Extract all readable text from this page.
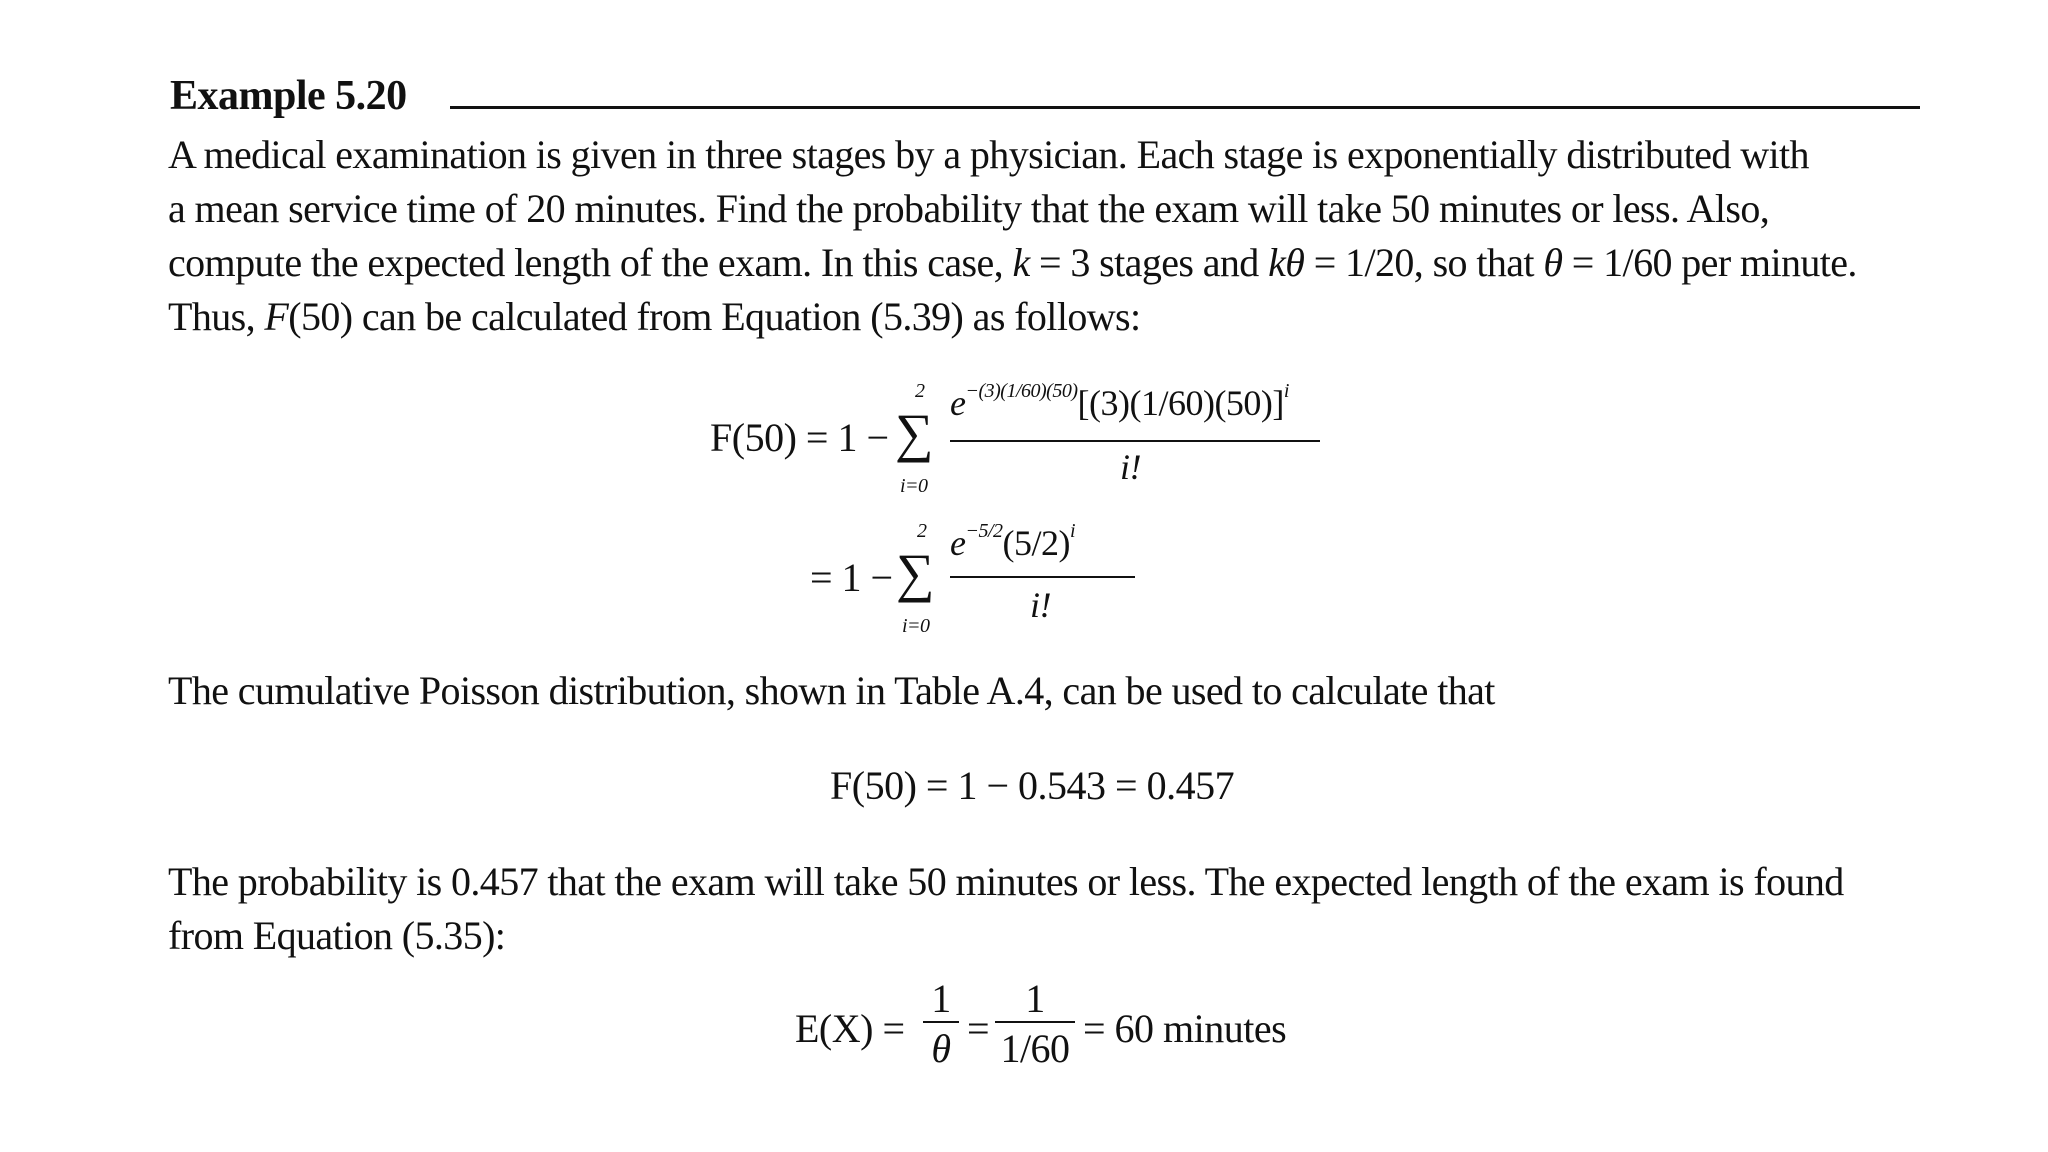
Example 5.20
A medical examination is given in three stages by a physician. Each stage is exponentially distributed with
a mean service time of 20 minutes. Find the probability that the exam will take 50 minutes or less. Also,
compute the expected length of the exam. In this case, k = 3 stages and kθ = 1/20, so that θ = 1/60 per minute.
Thus, F(50) can be calculated from Equation (5.39) as follows:
F(50) = 1 −
2
∑
i=0
$e^{-(3)(1/60)(50)}[(3)(1/60)(50)]^i$
i!
= 1 −
2
∑
i=0
$e^{-5/2}(5/2)^i$
i!
The cumulative Poisson distribution, shown in Table A.4, can be used to calculate that
F(50) = 1 − 0.543 = 0.457
The probability is 0.457 that the exam will take 50 minutes or less. The expected length of the exam is found
from Equation (5.35):
E(X) =
1
θ =
1
1/60 = 60 minutes
